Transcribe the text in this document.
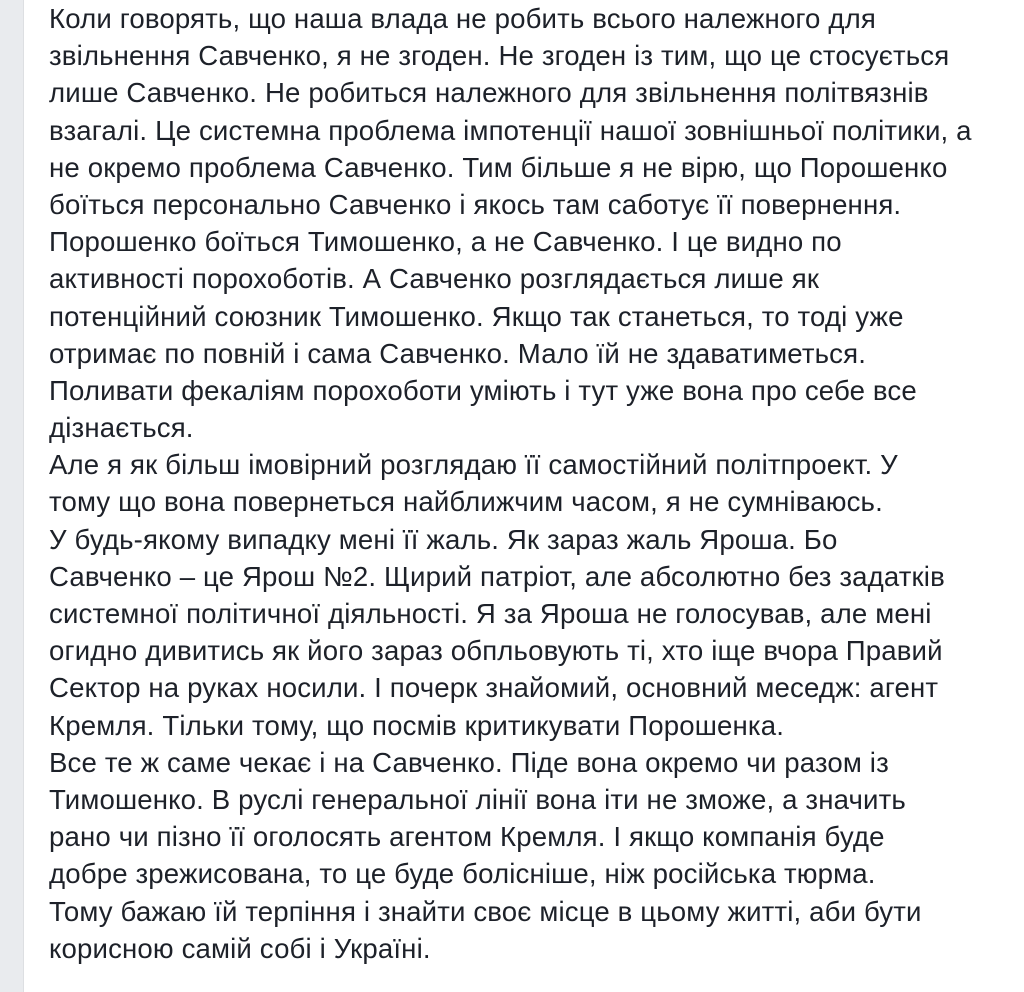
Коли говорять, що наша влада не робить всього належного для
звільнення Савченко, я не згоден. Не згоден із тим, що це стосується
лише Савченко. Не робиться належного для звільнення політвязнів
взагалі. Це системна проблема імпотенції нашої зовнішньої політики, а
не окремо проблема Савченко. Тим більше я не вірю, що Порошенко
боїться персонально Савченко і якось там саботує її повернення.
Порошенко боїться Тимошенко, а не Савченко. І це видно по
активності порохоботів. А Савченко розглядається лише як
потенційний союзник Тимошенко. Якщо так станеться, то тоді уже
отримає по повній і сама Савченко. Мало їй не здаватиметься.
Поливати фекаліям порохоботи уміють і тут уже вона про себе все
дізнається.
Але я як більш імовірний розглядаю її самостійний політпроект. У
тому що вона повернеться найближчим часом, я не сумніваюсь.
У будь-якому випадку мені її жаль. Як зараз жаль Яроша. Бо
Савченко – це Ярош №2. Щирий патріот, але абсолютно без задатків
системної політичної діяльності. Я за Яроша не голосував, але мені
огидно дивитись як його зараз обпльовують ті, хто іще вчора Правий
Сектор на руках носили. І почерк знайомий, основний меседж: агент
Кремля. Тільки тому, що посмів критикувати Порошенка.
Все те ж саме чекає і на Савченко. Піде вона окремо чи разом із
Тимошенко. В руслі генеральної лінії вона іти не зможе, а значить
рано чи пізно її оголосять агентом Кремля. І якщо компанія буде
добре зрежисована, то це буде болісніше, ніж російська тюрма.
Тому бажаю їй терпіння і знайти своє місце в цьому житті, аби бути
корисною самій собі і Україні.
